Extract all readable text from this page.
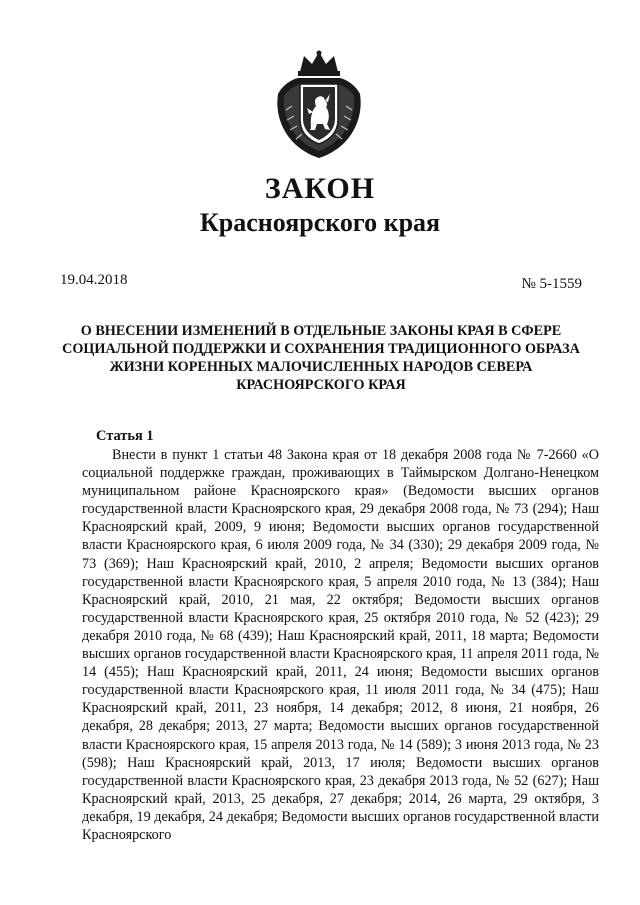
ЗАКОН
Красноярского края
19.04.2018	№ 5-1559

О ВНЕСЕНИИ ИЗМЕНЕНИЙ В ОТДЕЛЬНЫЕ ЗАКОНЫ КРАЯ В СФЕРЕ СОЦИАЛЬНОЙ ПОДДЕРЖКИ И СОХРАНЕНИЯ ТРАДИЦИОННОГО ОБРАЗА ЖИЗНИ КОРЕННЫХ МАЛОЧИСЛЕННЫХ НАРОДОВ СЕВЕРА КРАСНОЯРСКОГО КРАЯ

Статья 1

Внести в пункт 1 статьи 48 Закона края от 18 декабря 2008 года № 7-2660 «О социальной поддержке граждан, проживающих в Таймырском Долгано-Ненецком муниципальном районе Красноярского края» (Ведомости высших органов государственной власти Красноярского края, 29 декабря 2008 года, № 73 (294); Наш Красноярский край, 2009, 9 июня; Ведомости высших органов государственной власти Красноярского края, 6 июля 2009 года, № 34 (330); 29 декабря 2009 года, № 73 (369); Наш Красноярский край, 2010, 2 апреля; Ведомости высших органов государственной власти Красноярского края, 5 апреля 2010 года, № 13 (384); Наш Красноярский край, 2010, 21 мая, 22 октября; Ведомости высших органов государственной власти Красноярского края, 25 октября 2010 года, № 52 (423); 29 декабря 2010 года, № 68 (439); Наш Красноярский край, 2011, 18 марта; Ведомости высших органов государственной власти Красноярского края, 11 апреля 2011 года, № 14 (455); Наш Красноярский край, 2011, 24 июня; Ведомости высших органов государственной власти Красноярского края, 11 июля 2011 года, № 34 (475); Наш Красноярский край, 2011, 23 ноября, 14 декабря; 2012, 8 июня, 21 ноября, 26 декабря, 28 декабря; 2013, 27 марта; Ведомости высших органов государственной власти Красноярского края, 15 апреля 2013 года, № 14 (589); 3 июня 2013 года, № 23 (598); Наш Красноярский край, 2013, 17 июля; Ведомости высших органов государственной власти Красноярского края, 23 декабря 2013 года, № 52 (627); Наш Красноярский край, 2013, 25 декабря, 27 декабря; 2014, 26 марта, 29 октября, 3 декабря, 19 декабря, 24 декабря; Ведомости высших органов государственной власти Красноярского
